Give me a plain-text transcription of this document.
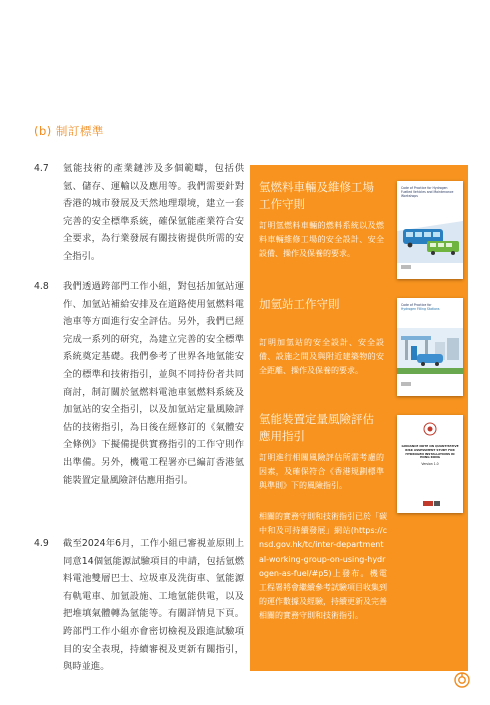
(b) 制訂標準
4.7	氫能技術的產業鏈涉及多個範疇，包括供氫、儲存、運輸以及應用等。我們需要針對香港的城市發展及天然地理環境，建立一套完善的安全標準系統，確保氫能產業符合安全要求，為行業發展有關技術提供所需的安全指引。
4.8	我們透過跨部門工作小組，對包括加氫站運作、加氫站補給安排及在道路使用氫燃料電池車等方面進行安全評估。另外，我們已經完成一系列的研究，為建立完善的安全標準系統奠定基礎。我們參考了世界各地氫能安全的標準和技術指引，並與不同持份者共同商討，制訂關於氫燃料電池車氫燃料系統及加氫站的安全指引，以及加氫站定量風險評估的技術指引，為日後在經修訂的《氣體安全條例》下擬備提供實務指引的工作守則作出準備。另外，機電工程署亦已編訂香港氫能裝置定量風險評估應用指引。
4.9	截至2024年6月，工作小組已審視並原則上同意14個氫能源試驗項目的申請，包括氫燃料電池雙層巴士、垃圾車及洗街車、氫能源有軌電車、加氫設施、工地氫能供電，以及把堆填氣體轉為氫能等。有關詳情見下頁。跨部門工作小組亦會密切檢視及跟進試驗項目的安全表現，持續審視及更新有關指引，與時並進。
氫燃料車輛及維修工場工作守則
訂明氫燃料車輛的燃料系統以及燃料車輛維修工場的安全設計、安全設備、操作及保養的要求。
加氫站工作守則
訂明加氫站的安全設計、安全設備、設施之間及與附近建築物的安全距離、操作及保養的要求。
氫能裝置定量風險評估應用指引
訂明進行相關風險評估所需考慮的因素，及確保符合《香港規劃標準與準則》下的風險指引。
相關的實務守則和技術指引已於「碳中和及可持續發展」網站(https://cnsd.gov.hk/tc/inter-departmental-working-group-on-using-hydrogen-as-fuel/#p5)上發布。機電工程署將會繼續參考試驗項目收集到的運作數據及經驗，持續更新及完善相關的實務守則和技術指引。
Code of Practice for Hydrogen Fuelled Vehicles and Maintenance Workshops
Code of Practice for
Hydrogen Filling Stations
GUIDANCE NOTE ON QUANTITATIVE RISK ASSESSMENT STUDY FOR HYDROGEN INSTALLATIONS IN HONG KONG
Version 1.0
